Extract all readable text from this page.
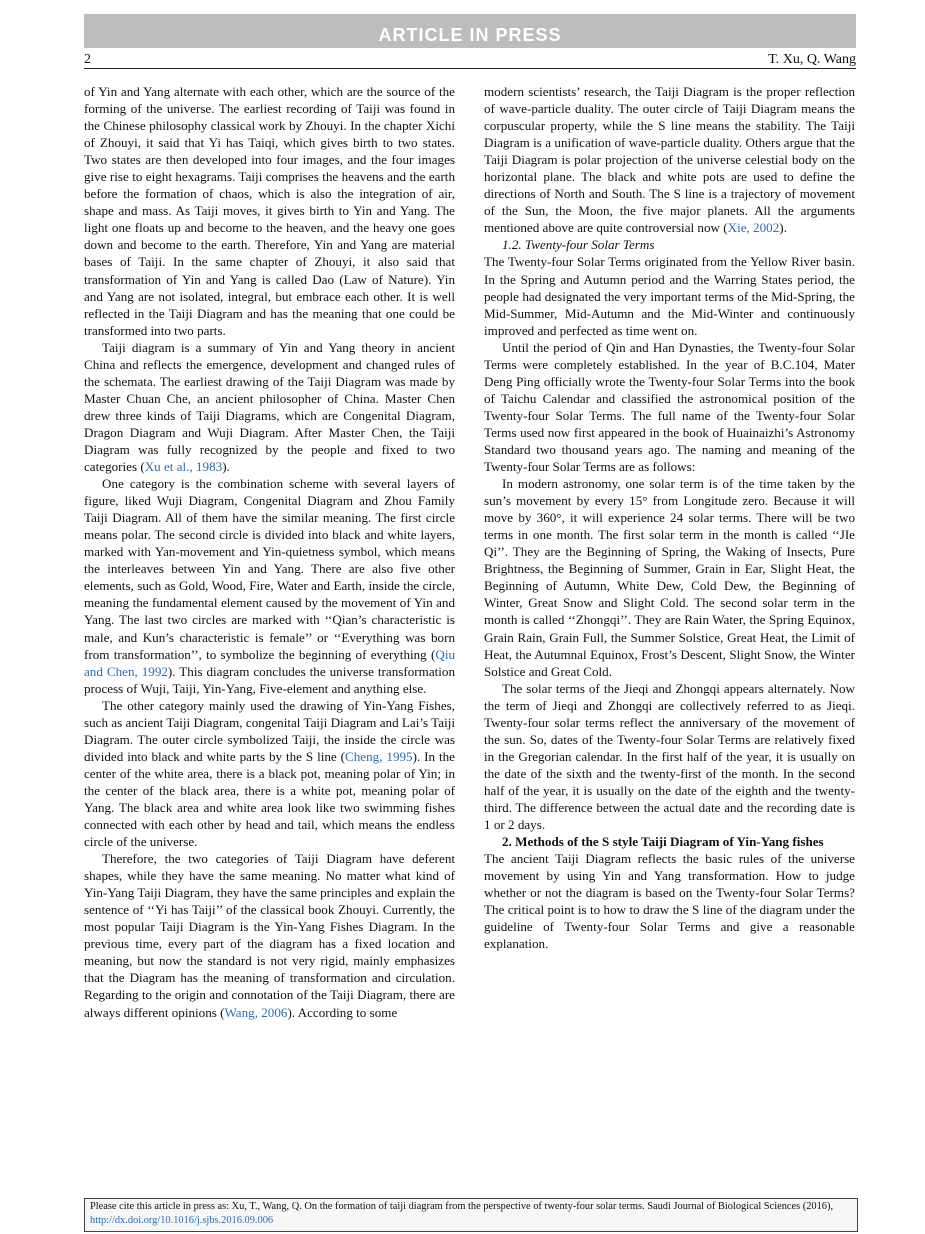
ARTICLE IN PRESS
2	T. Xu, Q. Wang

of Yin and Yang alternate with each other, which are the source of the forming of the universe. The earliest recording of Taiji was found in the Chinese philosophy classical work by Zhouyi. In the chapter Xichi of Zhouyi, it said that Yi has Taiqi, which gives birth to two states. Two states are then developed into four images, and the four images give rise to eight hexagrams. Taiji comprises the heavens and the earth before the formation of chaos, which is also the integration of air, shape and mass. As Taiji moves, it gives birth to Yin and Yang. The light one floats up and become to the heaven, and the heavy one goes down and become to the earth. Therefore, Yin and Yang are material bases of Taiji. In the same chapter of Zhouyi, it also said that transformation of Yin and Yang is called Dao (Law of Nature). Yin and Yang are not isolated, integral, but embrace each other. It is well reflected in the Taiji Diagram and has the meaning that one could be transformed into two parts.

Taiji diagram is a summary of Yin and Yang theory in ancient China and reflects the emergence, development and changed rules of the schemata. The earliest drawing of the Taiji Diagram was made by Master Chuan Che, an ancient philosopher of China. Master Chen drew three kinds of Taiji Diagrams, which are Congenital Diagram, Dragon Diagram and Wuji Diagram. After Master Chen, the Taiji Diagram was fully recognized by the people and fixed to two categories (Xu et al., 1983).

One category is the combination scheme with several layers of figure, liked Wuji Diagram, Congenital Diagram and Zhou Family Taiji Diagram. All of them have the similar meaning. The first circle means polar. The second circle is divided into black and white layers, marked with Yan-movement and Yin-quietness symbol, which means the interleaves between Yin and Yang. There are also five other elements, such as Gold, Wood, Fire, Water and Earth, inside the circle, meaning the fundamental element caused by the movement of Yin and Yang. The last two circles are marked with ‘‘Qian’s characteristic is male, and Kun’s characteristic is female’’ or ‘‘Everything was born from transformation’’, to symbolize the beginning of everything (Qiu and Chen, 1992). This diagram concludes the universe transformation process of Wuji, Taiji, Yin-Yang, Five-element and anything else.

The other category mainly used the drawing of Yin-Yang Fishes, such as ancient Taiji Diagram, congenital Taiji Diagram and Lai’s Taiji Diagram. The outer circle symbolized Taiji, the inside the circle was divided into black and white parts by the S line (Cheng, 1995). In the center of the white area, there is a black pot, meaning polar of Yin; in the center of the black area, there is a white pot, meaning polar of Yang. The black area and white area look like two swimming fishes connected with each other by head and tail, which means the endless circle of the universe.

Therefore, the two categories of Taiji Diagram have deferent shapes, while they have the same meaning. No matter what kind of Yin-Yang Taiji Diagram, they have the same principles and explain the sentence of ‘‘Yi has Taiji’’ of the classical book Zhouyi. Currently, the most popular Taiji Diagram is the Yin-Yang Fishes Diagram. In the previous time, every part of the diagram has a fixed location and meaning, but now the standard is not very rigid, mainly emphasizes that the Diagram has the meaning of transformation and circulation. Regarding to the origin and connotation of the Taiji Diagram, there are always different opinions (Wang, 2006). According to some

modern scientists’ research, the Taiji Diagram is the proper reflection of wave-particle duality. The outer circle of Taiji Diagram means the corpuscular property, while the S line means the stability. The Taiji Diagram is a unification of wave-particle duality. Others argue that the Taiji Diagram is polar projection of the universe celestial body on the horizontal plane. The black and white pots are used to define the directions of North and South. The S line is a trajectory of movement of the Sun, the Moon, the five major planets. All the arguments mentioned above are quite controversial now (Xie, 2002).

1.2. Twenty-four Solar Terms

The Twenty-four Solar Terms originated from the Yellow River basin. In the Spring and Autumn period and the Warring States period, the people had designated the very important terms of the Mid-Spring, the Mid-Summer, Mid-Autumn and the Mid-Winter and continuously improved and perfected as time went on.

Until the period of Qin and Han Dynasties, the Twenty-four Solar Terms were completely established. In the year of B.C.104, Mater Deng Ping officially wrote the Twenty-four Solar Terms into the book of Taichu Calendar and classified the astronomical position of the Twenty-four Solar Terms. The full name of the Twenty-four Solar Terms used now first appeared in the book of Huainaizhi’s Astronomy Standard two thousand years ago. The naming and meaning of the Twenty-four Solar Terms are as follows:

In modern astronomy, one solar term is of the time taken by the sun’s movement by every 15° from Longitude zero. Because it will move by 360°, it will experience 24 solar terms. There will be two terms in one month. The first solar term in the month is called ‘‘JIe Qi’’. They are the Beginning of Spring, the Waking of Insects, Pure Brightness, the Beginning of Summer, Grain in Ear, Slight Heat, the Beginning of Autumn, White Dew, Cold Dew, the Beginning of Winter, Great Snow and Slight Cold. The second solar term in the month is called ‘‘Zhongqi’’. They are Rain Water, the Spring Equinox, Grain Rain, Grain Full, the Summer Solstice, Great Heat, the Limit of Heat, the Autumnal Equinox, Frost’s Descent, Slight Snow, the Winter Solstice and Great Cold.

The solar terms of the Jieqi and Zhongqi appears alternately. Now the term of Jieqi and Zhongqi are collectively referred to as Jieqi. Twenty-four solar terms reflect the anniversary of the movement of the sun. So, dates of the Twenty-four Solar Terms are relatively fixed in the Gregorian calendar. In the first half of the year, it is usually on the date of the sixth and the twenty-first of the month. In the second half of the year, it is usually on the date of the eighth and the twenty-third. The difference between the actual date and the recording date is 1 or 2 days.

2. Methods of the S style Taiji Diagram of Yin-Yang fishes

The ancient Taiji Diagram reflects the basic rules of the universe movement by using Yin and Yang transformation. How to judge whether or not the diagram is based on the Twenty-four Solar Terms? The critical point is to how to draw the S line of the diagram under the guideline of Twenty-four Solar Terms and give a reasonable explanation.

Please cite this article in press as: Xu, T., Wang, Q. On the formation of taiji diagram from the perspective of twenty-four solar terms. Saudi Journal of Biological Sciences (2016), http://dx.doi.org/10.1016/j.sjbs.2016.09.006
